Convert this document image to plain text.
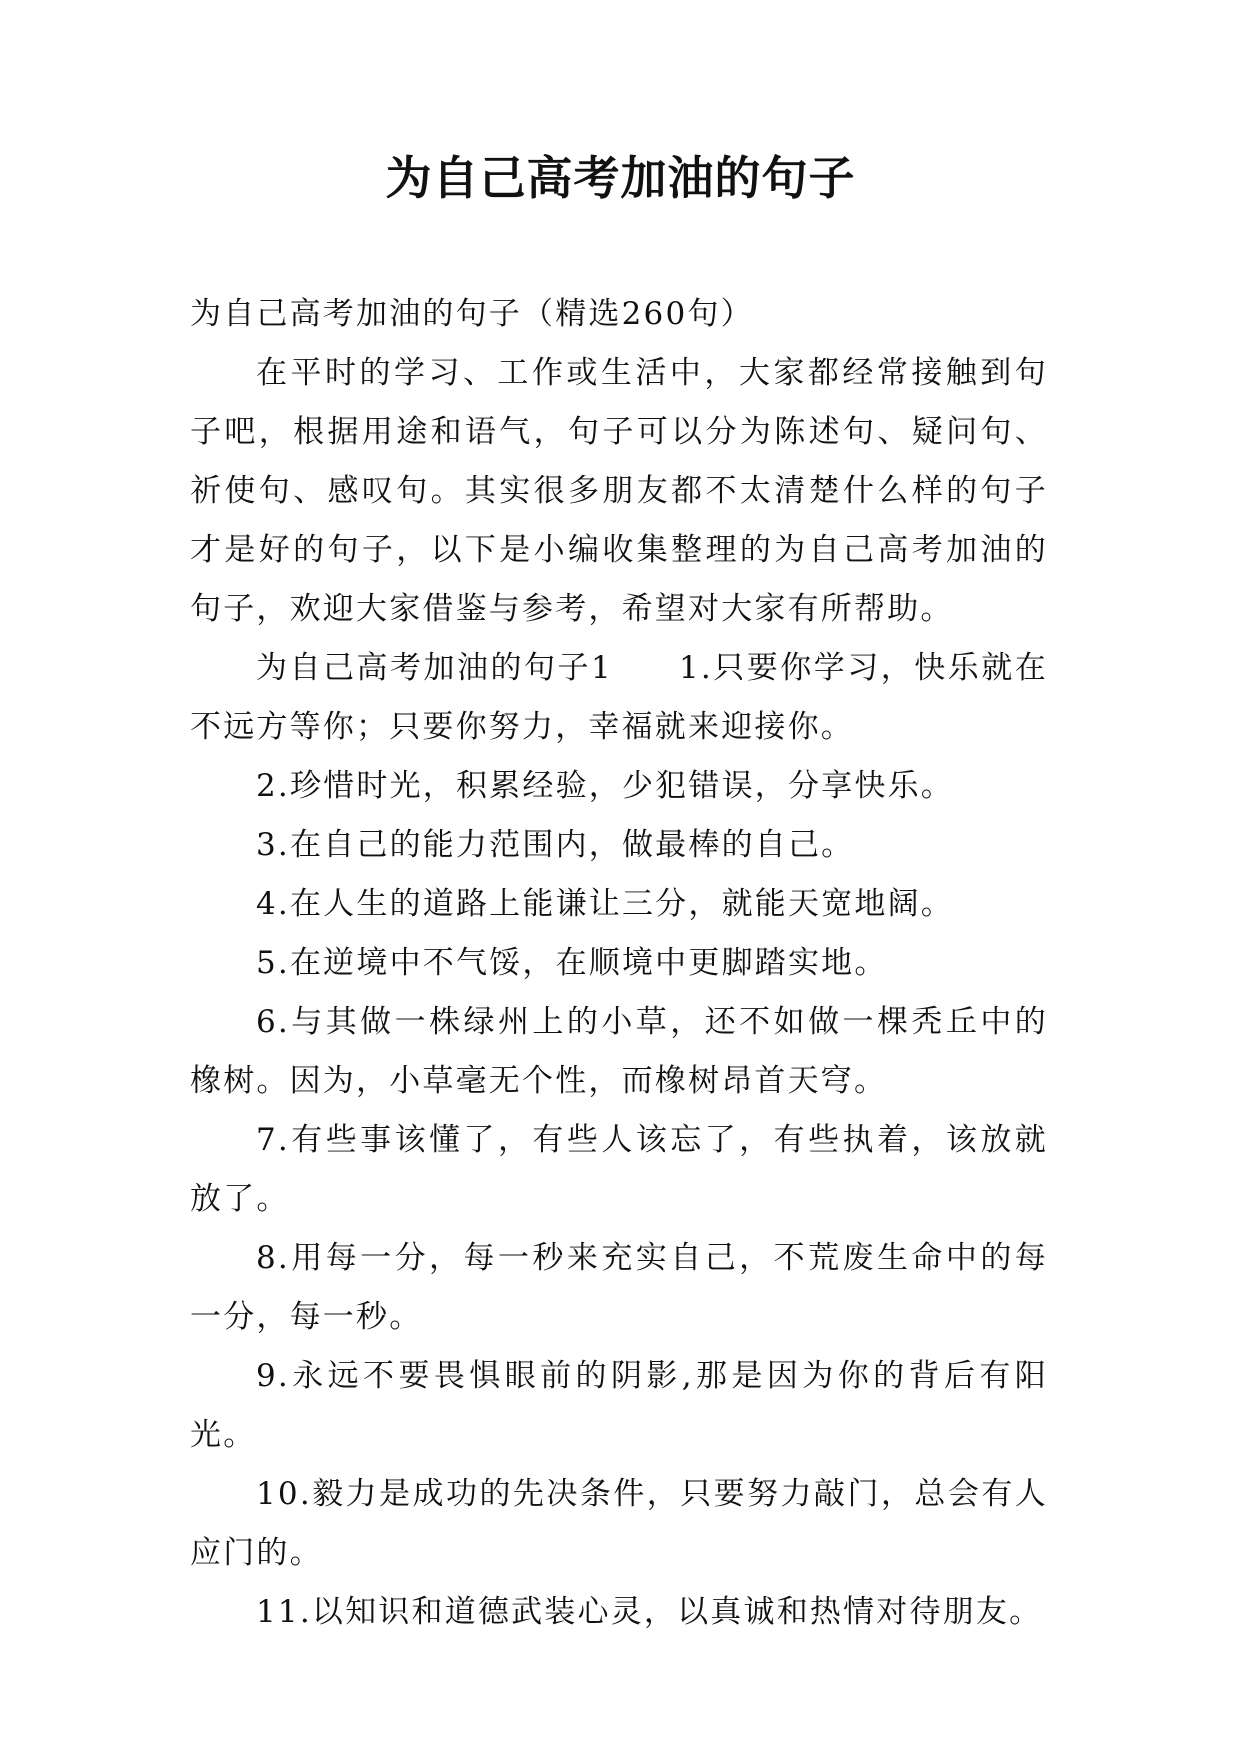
为自己高考加油的句子

为自己高考加油的句子（精选260句）

在平时的学习、工作或生活中，大家都经常接触到句子吧，根据用途和语气，句子可以分为陈述句、疑问句、祈使句、感叹句。其实很多朋友都不太清楚什么样的句子才是好的句子，以下是小编收集整理的为自己高考加油的句子，欢迎大家借鉴与参考，希望对大家有所帮助。

为自己高考加油的句子1 1.只要你学习，快乐就在不远方等你；只要你努力，幸福就来迎接你。

2.珍惜时光，积累经验，少犯错误，分享快乐。

3.在自己的能力范围内，做最棒的自己。

4.在人生的道路上能谦让三分，就能天宽地阔。

5.在逆境中不气馁，在顺境中更脚踏实地。

6.与其做一株绿州上的小草，还不如做一棵秃丘中的橡树。因为，小草毫无个性，而橡树昂首天穹。

7.有些事该懂了，有些人该忘了，有些执着，该放就放了。

8.用每一分，每一秒来充实自己，不荒废生命中的每一分，每一秒。

9.永远不要畏惧眼前的阴影,那是因为你的背后有阳光。

10.毅力是成功的先决条件，只要努力敲门，总会有人应门的。

11.以知识和道德武装心灵，以真诚和热情对待朋友。
